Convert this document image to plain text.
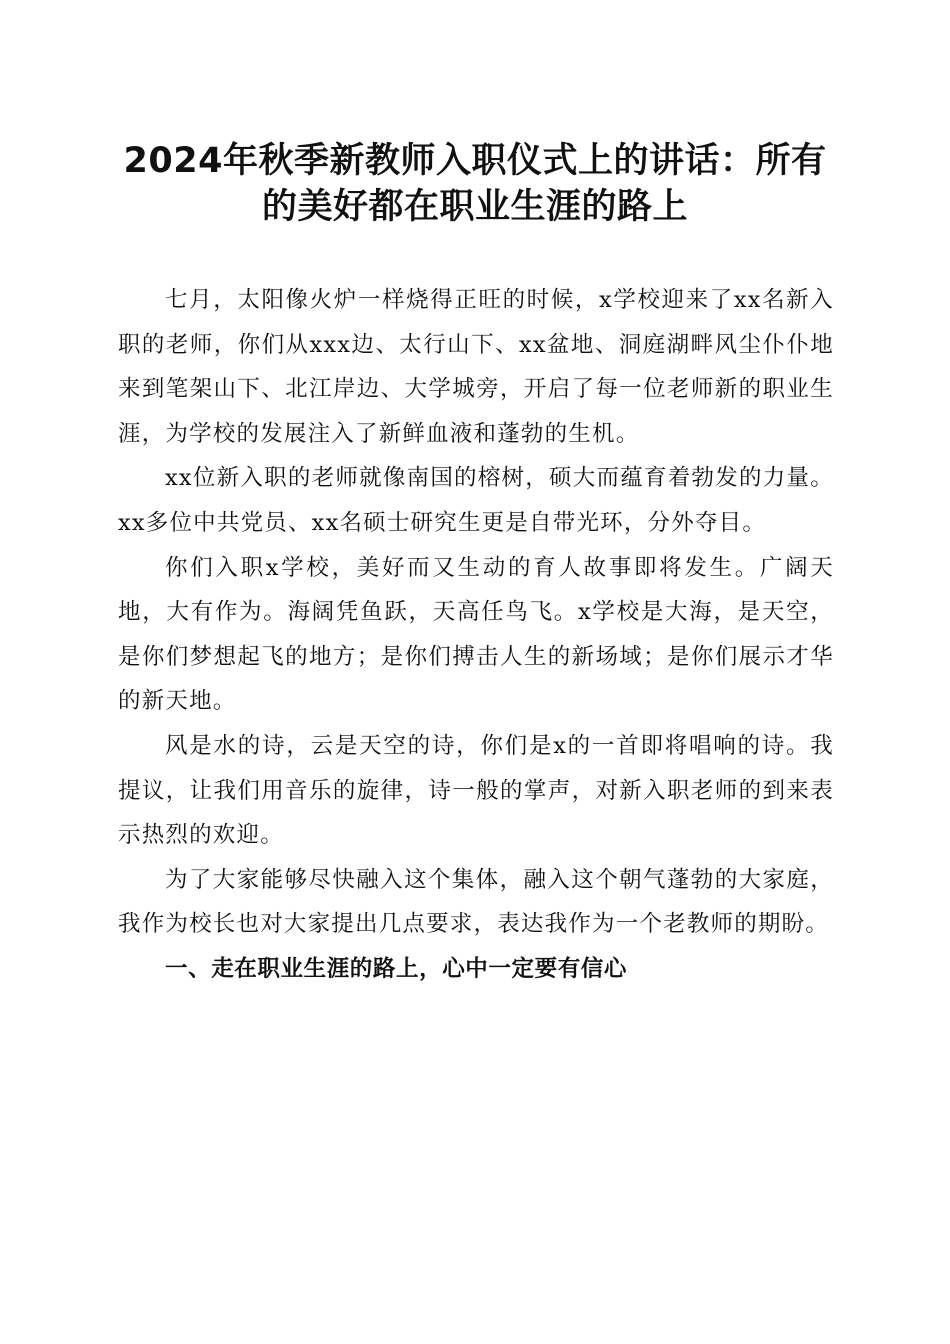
2024年秋季新教师入职仪式上的讲话：所有
的美好都在职业生涯的路上

七月，太阳像火炉一样烧得正旺的时候，x学校迎来了xx名新入职的老师，你们从xxx边、太行山下、xx盆地、洞庭湖畔风尘仆仆地来到笔架山下、北江岸边、大学城旁，开启了每一位老师新的职业生涯，为学校的发展注入了新鲜血液和蓬勃的生机。

xx位新入职的老师就像南国的榕树，硕大而蕴育着勃发的力量。xx多位中共党员、xx名硕士研究生更是自带光环，分外夺目。

你们入职x学校，美好而又生动的育人故事即将发生。广阔天地，大有作为。海阔凭鱼跃，天高任鸟飞。x学校是大海，是天空，是你们梦想起飞的地方；是你们搏击人生的新场域；是你们展示才华的新天地。

风是水的诗，云是天空的诗，你们是x的一首即将唱响的诗。我提议，让我们用音乐的旋律，诗一般的掌声，对新入职老师的到来表示热烈的欢迎。

为了大家能够尽快融入这个集体，融入这个朝气蓬勃的大家庭，我作为校长也对大家提出几点要求，表达我作为一个老教师的期盼。

一、走在职业生涯的路上，心中一定要有信心
